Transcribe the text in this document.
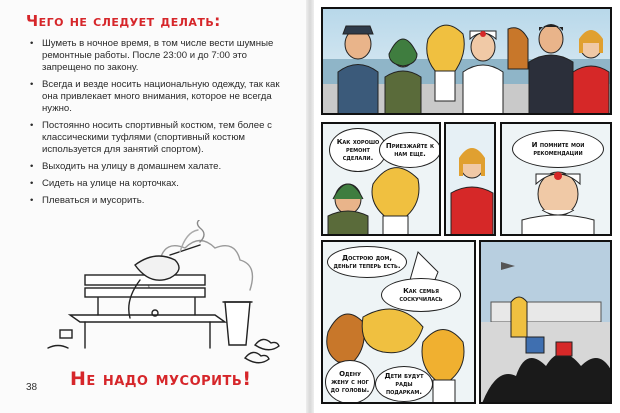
Чего не следует делать:
• Шуметь в ночное время, в том числе вести шумные ремонтные работы. После 23:00 и до 7:00 это запрещено по закону.
• Всегда и везде носить национальную одежду, так как она привлекает много внимания, которое не всегда нужно.
• Постоянно носить спортивный костюм, тем более с классическими туфлями (спортивный костюм используется для занятий спортом).
• Выходить на улицу в домашнем халате.
• Сидеть на улице на корточках.
• Плеваться и мусорить.
38 Не надо мусорить!
Как хорошо ремонт сделали.
Приезжайте к нам еще.
И помните мои рекомендации
Дострою дом, деньги теперь есть.
Как семья соскучилась
Одену жену с ног до головы.
Дети будут рады подаркам.
